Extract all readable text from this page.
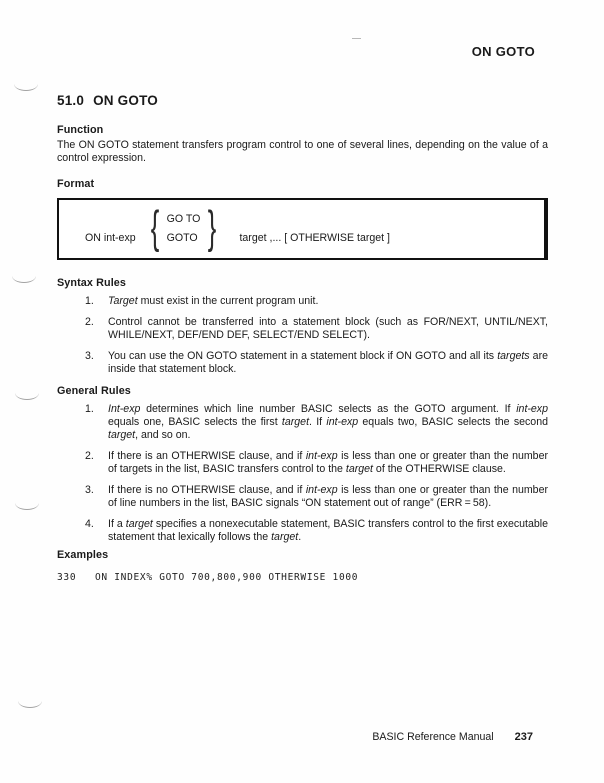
ON GOTO
51.0 ON GOTO
Function
The ON GOTO statement transfers program control to one of several lines, depending on the value of a control expression.
Format
ON int-exp { GO TO
GOTO } target ,... [ OTHERWISE target ]
Syntax Rules
1.	Target must exist in the current program unit.
2.	Control cannot be transferred into a statement block (such as FOR/NEXT, UNTIL/NEXT, WHILE/NEXT, DEF/END DEF, SELECT/END SELECT).
3.	You can use the ON GOTO statement in a statement block if ON GOTO and all its targets are inside that statement block.
General Rules
1.	Int-exp determines which line number BASIC selects as the GOTO argument. If int-exp equals one, BASIC selects the first target. If int-exp equals two, BASIC selects the second target, and so on.
2.	If there is an OTHERWISE clause, and if int-exp is less than one or greater than the number of targets in the list, BASIC transfers control to the target of the OTHERWISE clause.
3.	If there is no OTHERWISE clause, and if int-exp is less than one or greater than the number of line numbers in the list, BASIC signals “ON statement out of range” (ERR = 58).
4.	If a target specifies a nonexecutable statement, BASIC transfers control to the first executable statement that lexically follows the target.
Examples
330	ON INDEX% GOTO 700,800,900 OTHERWISE 1000
BASIC Reference Manual 237
